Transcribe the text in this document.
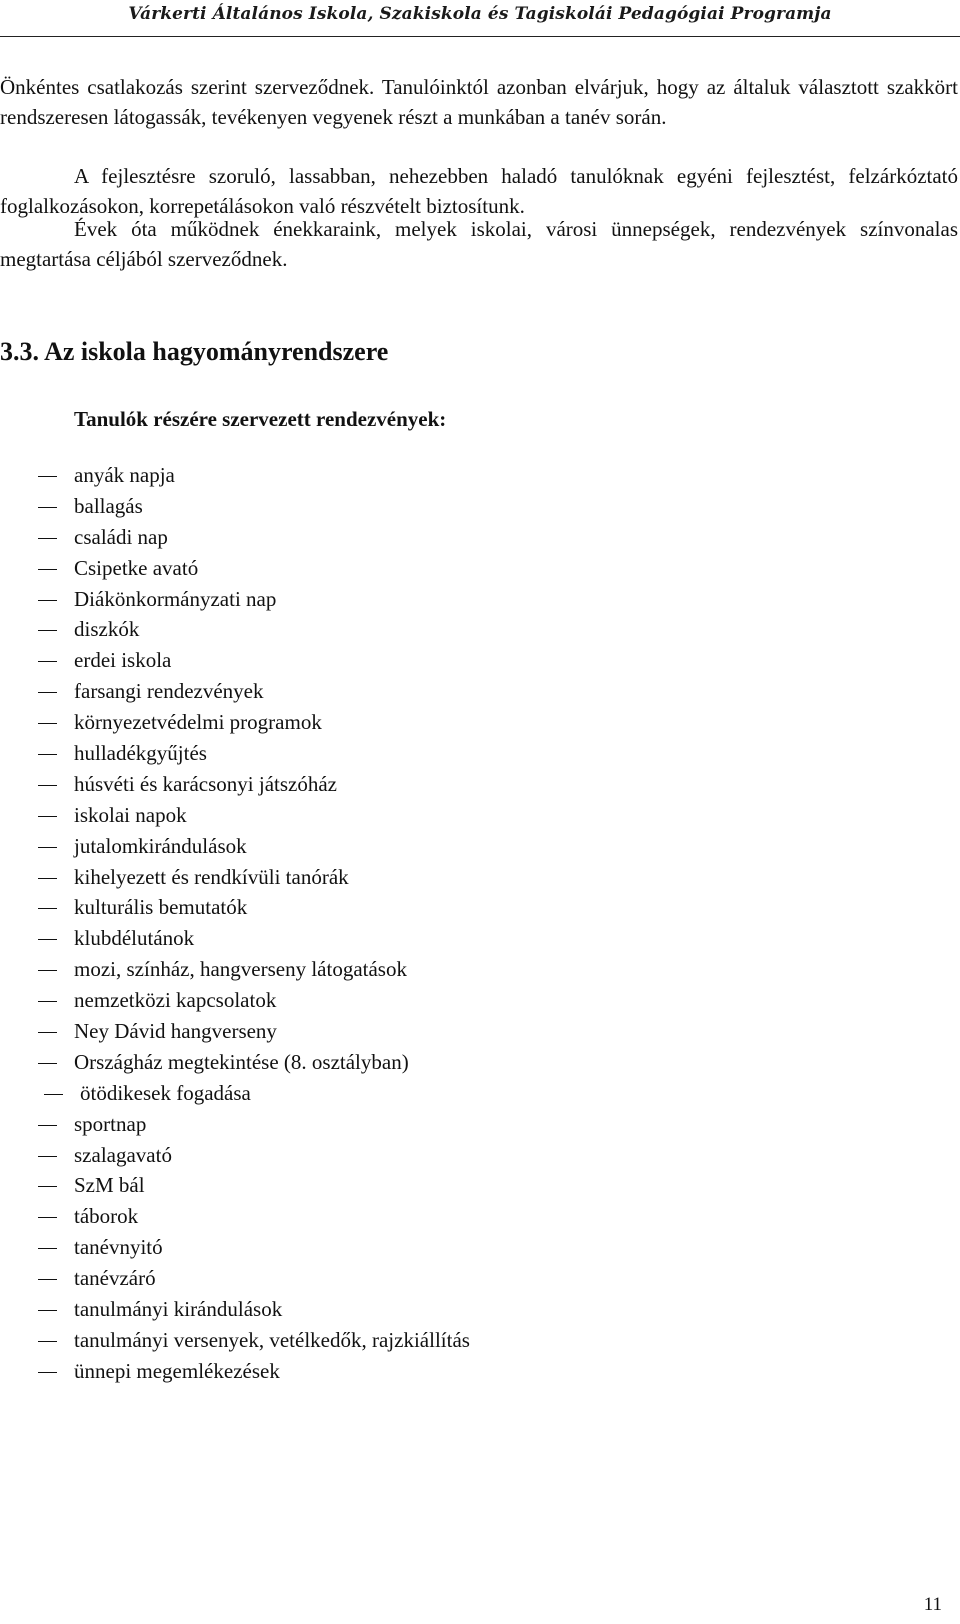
Várkerti Általános Iskola, Szakiskola és Tagiskolái Pedagógiai Programja

Önkéntes csatlakozás szerint szerveződnek. Tanulóinktól azonban elvárjuk, hogy az általuk választott szakkört rendszeresen látogassák, tevékenyen vegyenek részt a munkában a tanév során.

A fejlesztésre szoruló, lassabban, nehezebben haladó tanulóknak egyéni fejlesztést, felzárkóztató foglalkozásokon, korrepetálásokon való részvételt biztosítunk.

Évek óta működnek énekkaraink, melyek iskolai, városi ünnepségek, rendezvények színvonalas megtartása céljából szerveződnek.

3.3. Az iskola hagyományrendszere
Tanulók részére szervezett rendezvények:
anyák napja
ballagás
családi nap
Csipetke avató
Diákönkormányzati nap
diszkók
erdei iskola
farsangi rendezvények
környezetvédelmi programok
hulladékgyűjtés
húsvéti és karácsonyi játszóház
iskolai napok
jutalomkirándulások
kihelyezett és rendkívüli tanórák
kulturális bemutatók
klubdélutánok
mozi, színház, hangverseny látogatások
nemzetközi kapcsolatok
Ney Dávid hangverseny
Országház megtekintése (8. osztályban)
ötödikesek fogadása
sportnap
szalagavató
SzM bál
táborok
tanévnyitó
tanévzáró
tanulmányi kirándulások
tanulmányi versenyek, vetélkedők, rajzkiállítás
ünnepi megemlékezések
11
